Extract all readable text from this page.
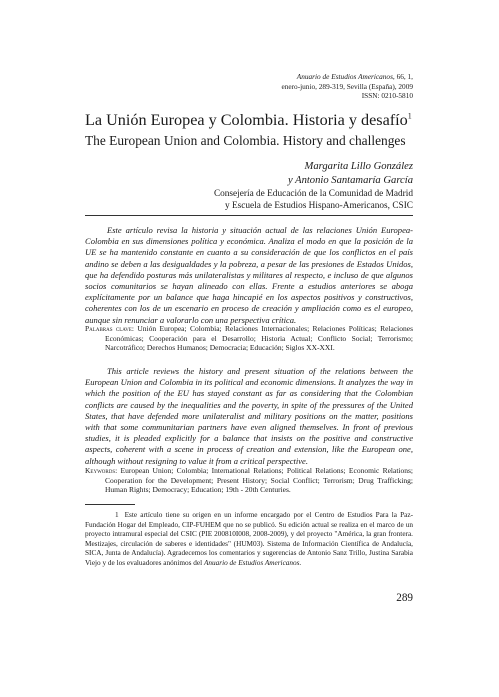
Anuario de Estudios Americanos, 66, 1,
enero-junio, 289-319, Sevilla (España), 2009
ISSN: 0210-5810
La Unión Europea y Colombia. Historia y desafío$^1$
The European Union and Colombia. History and challenges
Margarita Lillo González
y Antonio Santamaría García
Consejería de Educación de la Comunidad de Madrid
y Escuela de Estudios Hispano-Americanos, CSIC

Este artículo revisa la historia y situación actual de las relaciones Unión Europea-Colombia en sus dimensiones política y económica. Analiza el modo en que la posición de la UE se ha mantenido constante en cuanto a su consideración de que los conflictos en el país andino se deben a las desigualdades y la pobreza, a pesar de las presiones de Estados Unidos, que ha defendido posturas más unilateralistas y militares al respecto, e incluso de que algunos socios comunitarios se hayan alineado con ellas. Frente a estudios anteriores se aboga explícitamente por un balance que haga hincapié en los aspectos positivos y constructivos, coherentes con los de un escenario en proceso de creación y ampliación como es el europeo, aunque sin renunciar a valorarlo con una perspectiva crítica.

Palabras clave: Unión Europea; Colombia; Relaciones Internacionales; Relaciones Políticas; Relaciones Económicas; Cooperación para el Desarrollo; Historia Actual; Conflicto Social; Terrorismo; Narcotráfico; Derechos Humanos; Democracia; Educación; Siglos XX-XXI.

This article reviews the history and present situation of the relations between the European Union and Colombia in its political and economic dimensions. It analyzes the way in which the position of the EU has stayed constant as far as considering that the Colombian conflicts are caused by the inequalities and the poverty, in spite of the pressures of the United States, that have defended more unilateralist and military positions on the matter, positions with that some communitarian partners have even aligned themselves. In front of previous studies, it is pleaded explicitly for a balance that insists on the positive and constructive aspects, coherent with a scene in process of creation and extension, like the European one, although without resigning to value it from a critical perspective.

Keywords: European Union; Colombia; International Relations; Political Relations; Economic Relations; Cooperation for the Development; Present History; Social Conflict; Terrorism; Drug Trafficking; Human Rights; Democracy; Education; 19th - 20th Centuries.

1 Este artículo tiene su origen en un informe encargado por el Centro de Estudios Para la Paz-Fundación Hogar del Empleado, CIP-FUHEM que no se publicó. Su edición actual se realiza en el marco de un proyecto intramural especial del CSIC (PIE 200810I008, 2008-2009), y del proyecto "América, la gran frontera. Mestizajes, circulación de saberes e identidades" (HUM03). Sistema de Información Científica de Andalucía, SICA, Junta de Andalucía). Agradecemos los comentarios y sugerencias de Antonio Sanz Trillo, Justina Sarabia Viejo y de los evaluadores anónimos del Anuario de Estudios Americanos.

289
